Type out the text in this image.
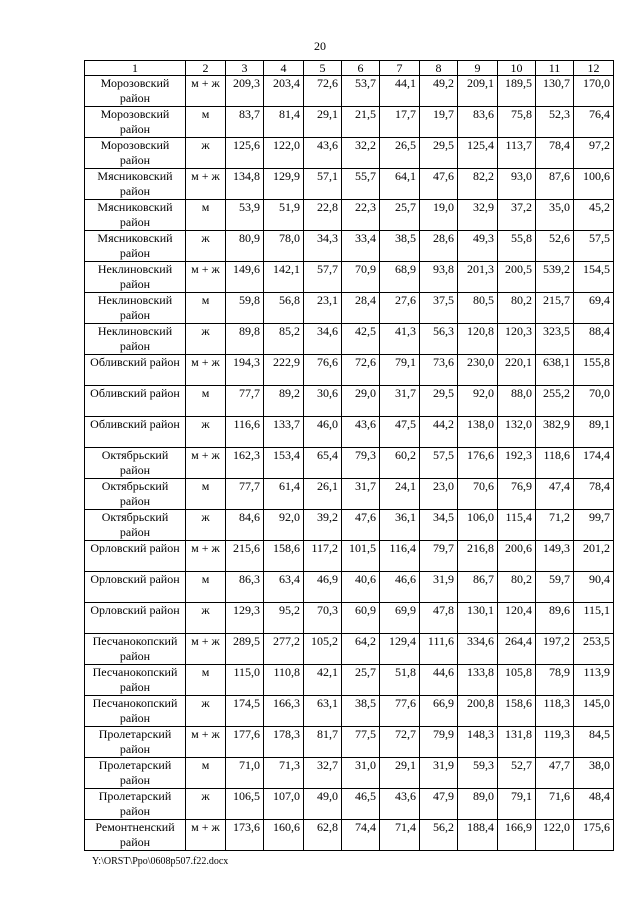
20
1	2	3	4	5	6	7	8	9	10	11	12
Морозовский район	м + ж	209,3	203,4	72,6	53,7	44,1	49,2	209,1	189,5	130,7	170,0
Морозовский район	м	83,7	81,4	29,1	21,5	17,7	19,7	83,6	75,8	52,3	76,4
Морозовский район	ж	125,6	122,0	43,6	32,2	26,5	29,5	125,4	113,7	78,4	97,2
Мясниковский район	м + ж	134,8	129,9	57,1	55,7	64,1	47,6	82,2	93,0	87,6	100,6
Мясниковский район	м	53,9	51,9	22,8	22,3	25,7	19,0	32,9	37,2	35,0	45,2
Мясниковский район	ж	80,9	78,0	34,3	33,4	38,5	28,6	49,3	55,8	52,6	57,5
Неклиновский район	м + ж	149,6	142,1	57,7	70,9	68,9	93,8	201,3	200,5	539,2	154,5
Неклиновский район	м	59,8	56,8	23,1	28,4	27,6	37,5	80,5	80,2	215,7	69,4
Неклиновский район	ж	89,8	85,2	34,6	42,5	41,3	56,3	120,8	120,3	323,5	88,4
Обливский район	м + ж	194,3	222,9	76,6	72,6	79,1	73,6	230,0	220,1	638,1	155,8
Обливский район	м	77,7	89,2	30,6	29,0	31,7	29,5	92,0	88,0	255,2	70,0
Обливский район	ж	116,6	133,7	46,0	43,6	47,5	44,2	138,0	132,0	382,9	89,1
Октябрьский район	м + ж	162,3	153,4	65,4	79,3	60,2	57,5	176,6	192,3	118,6	174,4
Октябрьский район	м	77,7	61,4	26,1	31,7	24,1	23,0	70,6	76,9	47,4	78,4
Октябрьский район	ж	84,6	92,0	39,2	47,6	36,1	34,5	106,0	115,4	71,2	99,7
Орловский район	м + ж	215,6	158,6	117,2	101,5	116,4	79,7	216,8	200,6	149,3	201,2
Орловский район	м	86,3	63,4	46,9	40,6	46,6	31,9	86,7	80,2	59,7	90,4
Орловский район	ж	129,3	95,2	70,3	60,9	69,9	47,8	130,1	120,4	89,6	115,1
Песчанокопский район	м + ж	289,5	277,2	105,2	64,2	129,4	111,6	334,6	264,4	197,2	253,5
Песчанокопский район	м	115,0	110,8	42,1	25,7	51,8	44,6	133,8	105,8	78,9	113,9
Песчанокопский район	ж	174,5	166,3	63,1	38,5	77,6	66,9	200,8	158,6	118,3	145,0
Пролетарский район	м + ж	177,6	178,3	81,7	77,5	72,7	79,9	148,3	131,8	119,3	84,5
Пролетарский район	м	71,0	71,3	32,7	31,0	29,1	31,9	59,3	52,7	47,7	38,0
Пролетарский район	ж	106,5	107,0	49,0	46,5	43,6	47,9	89,0	79,1	71,6	48,4
Ремонтненский район	м + ж	173,6	160,6	62,8	74,4	71,4	56,2	188,4	166,9	122,0	175,6
Y:\ORST\Ppo\0608p507.f22.docx
